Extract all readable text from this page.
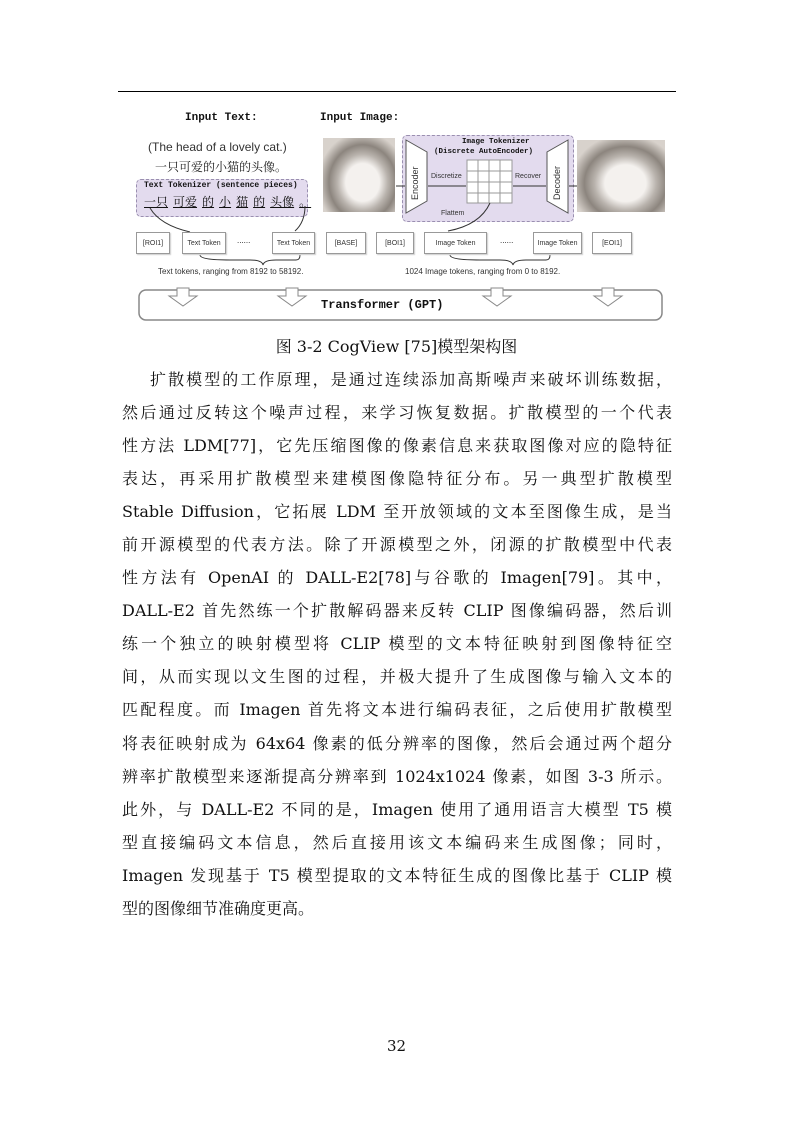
Input Text:	Input Image:
(The head of a lovely cat.)
一只可爱的小猫的头像。
Text Tokenizer (sentence pieces)
一只 可爱 的 小 猫 的 头像 。
Image Tokenizer
(Discrete AutoEncoder)
Encoder	Decoder
Discretize	Recover
Flattem
[ROI1]	Text Token	......	Text Token	[BASE]	[BOI1]	Image Token	......	Image Token	[EOI1]
Text tokens, ranging from 8192 to 58192.	1024 Image tokens, ranging from 0 to 8192.
Transformer (GPT)
图 3-2 CogView [75]模型架构图
扩散模型的工作原理，是通过连续添加高斯噪声来破坏训练数据，
然后通过反转这个噪声过程，来学习恢复数据。扩散模型的一个代表
性方法 LDM[77]，它先压缩图像的像素信息来获取图像对应的隐特征
表达，再采用扩散模型来建模图像隐特征分布。另一典型扩散模型
Stable Diffusion，它拓展 LDM 至开放领域的文本至图像生成，是当
前开源模型的代表方法。除了开源模型之外，闭源的扩散模型中代表
性方法有 OpenAI 的 DALL-E2[78]与谷歌的 Imagen[79]。其中，
DALL-E2 首先然练一个扩散解码器来反转 CLIP 图像编码器，然后训
练一个独立的映射模型将 CLIP 模型的文本特征映射到图像特征空
间，从而实现以文生图的过程，并极大提升了生成图像与输入文本的
匹配程度。而 Imagen 首先将文本进行编码表征，之后使用扩散模型
将表征映射成为 64x64 像素的低分辨率的图像，然后会通过两个超分
辨率扩散模型来逐渐提高分辨率到 1024x1024 像素，如图 3-3 所示。
此外，与 DALL-E2 不同的是，Imagen 使用了通用语言大模型 T5 模
型直接编码文本信息，然后直接用该文本编码来生成图像；同时，
Imagen 发现基于 T5 模型提取的文本特征生成的图像比基于 CLIP 模
型的图像细节准确度更高。
32
